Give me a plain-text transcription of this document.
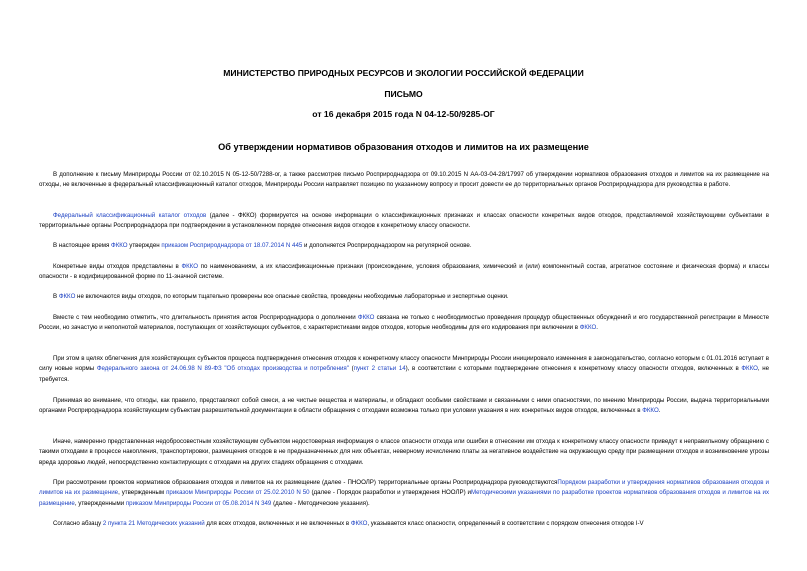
МИНИСТЕРСТВО ПРИРОДНЫХ РЕСУРСОВ И ЭКОЛОГИИ РОССИЙСКОЙ ФЕДЕРАЦИИ
ПИСЬМО
от 16 декабря 2015 года N 04-12-50/9285-ОГ
Об утверждении нормативов образования отходов и лимитов на их размещение
В дополнение к письму Минприроды России от 02.10.2015 N 05-12-50/7288-ог, а также рассмотрев письмо Росприроднадзора от 09.10.2015 N АА-03-04-28/17997 об утверждении нормативов образования отходов и лимитов на их размещение на отходы, не включенные в федеральный классификационный каталог отходов, Минприроды России направляет позицию по указанному вопросу и просит довести ее до территориальных органов Росприроднадзора для руководства в работе.
Федеральный классификационный каталог отходов (далее - ФККО) формируется на основе информации о классификационных признаках и классах опасности конкретных видов отходов, представляемой хозяйствующими субъектами в территориальные органы Росприроднадзора при подтверждении в установленном порядке отнесения видов отходов к конкретному классу опасности.
В настоящее время ФККО утвержден приказом Росприроднадзора от 18.07.2014 N 445 и дополняется Росприроднадзором на регулярной основе.
Конкретные виды отходов представлены в ФККО по наименованиям, а их классификационные признаки (происхождение, условия образования, химический и (или) компонентный состав, агрегатное состояние и физическая форма) и классы опасности - в кодифицированной форме по 11-значной системе.
В ФККО не включаются виды отходов, по которым тщательно проверены все опасные свойства, проведены необходимые лабораторные и экспертные оценки.
Вместе с тем необходимо отметить, что длительность принятия актов Росприроднадзора о дополнении ФККО связана не только с необходимостью проведения процедур общественных обсуждений и его государственной регистрации в Минюсте России, но зачастую и неполнотой материалов, поступающих от хозяйствующих субъектов, с характеристиками видов отходов, которые необходимы для его кодирования при включении в ФККО.
При этом в целях облегчения для хозяйствующих субъектов процесса подтверждения отнесения отходов к конкретному классу опасности Минприроды России инициировало изменения в законодательство, согласно которым с 01.01.2016 вступает в силу новые нормы Федерального закона от 24.06.98 N 89-ФЗ "Об отходах производства и потребления" (пункт 2 статьи 14), в соответствии с которыми подтверждение отнесения к конкретному классу опасности отходов, включенных в ФККО, не требуется.
Принимая во внимание, что отходы, как правило, представляют собой смеси, а не чистые вещества и материалы, и обладают особыми свойствами и связанными с ними опасностями, по мнению Минприроды России, выдача территориальными органами Росприроднадзора хозяйствующим субъектам разрешительной документации в области обращения с отходами возможна только при условии указания в них конкретных видов отходов, включенных в ФККО.
Иначе, намеренно представленная недобросовестным хозяйствующим субъектом недостоверная информация о классе опасности отхода или ошибки в отнесении им отхода к конкретному классу опасности приведут к неправильному обращению с такими отходами в процессе накопления, транспортировки, размещения отходов в не предназначенных для них объектах, неверному исчислению платы за негативное воздействие на окружающую среду при размещении отходов и возникновение угрозы вреда здоровью людей, непосредственно контактирующих с отходами на других стадиях обращения с отходами.
При рассмотрении проектов нормативов образования отходов и лимитов на их размещение (далее - ПНООЛР) территориальные органы Росприроднадзора руководствуютсяПорядком разработки и утверждения нормативов образования отходов и лимитов на их размещение, утвержденным приказом Минприроды России от 25.02.2010 N 50 (далее - Порядок разработки и утверждения НООЛР) иМетодическими указаниями по разработке проектов нормативов образования отходов и лимитов на их размещение, утвержденными приказом Минприроды России от 05.08.2014 N 349 (далее - Методические указания).
Согласно абзацу 2 пункта 21 Методических указаний для всех отходов, включенных и не включенных в ФККО, указывается класс опасности, определенный в соответствии с порядком отнесения отходов I-V
